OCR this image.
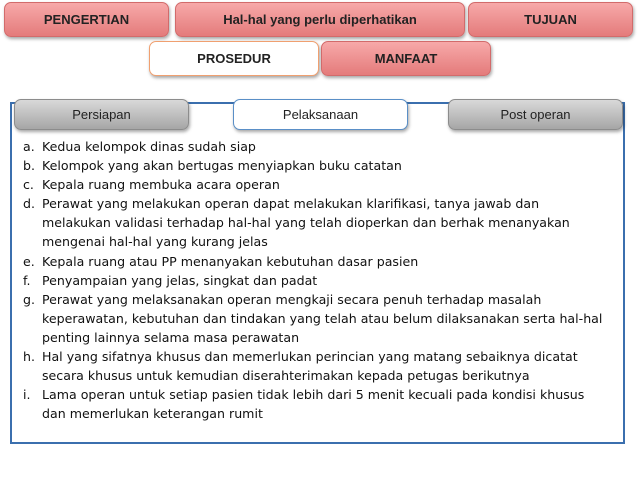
PENGERTIAN	Hal-hal yang perlu diperhatikan	TUJUAN
PROSEDUR	MANFAAT
Persiapan	Pelaksanaan	Post operan
a. Kedua kelompok dinas sudah siap
b. Kelompok yang akan bertugas menyiapkan buku catatan
c. Kepala ruang membuka acara operan
d. Perawat yang melakukan operan dapat melakukan klarifikasi, tanya jawab dan melakukan validasi terhadap hal-hal yang telah dioperkan dan berhak menanyakan mengenai hal-hal yang kurang jelas
e. Kepala ruang atau PP menanyakan kebutuhan dasar pasien
f. Penyampaian yang jelas, singkat dan padat
g. Perawat yang melaksanakan operan mengkaji secara penuh terhadap masalah keperawatan, kebutuhan dan tindakan yang telah atau belum dilaksanakan serta hal-hal penting lainnya selama masa perawatan
h. Hal yang sifatnya khusus dan memerlukan perincian yang matang sebaiknya dicatat secara khusus untuk kemudian diserahterimakan kepada petugas berikutnya
i. Lama operan untuk setiap pasien tidak lebih dari 5 menit kecuali pada kondisi khusus dan memerlukan keterangan rumit
